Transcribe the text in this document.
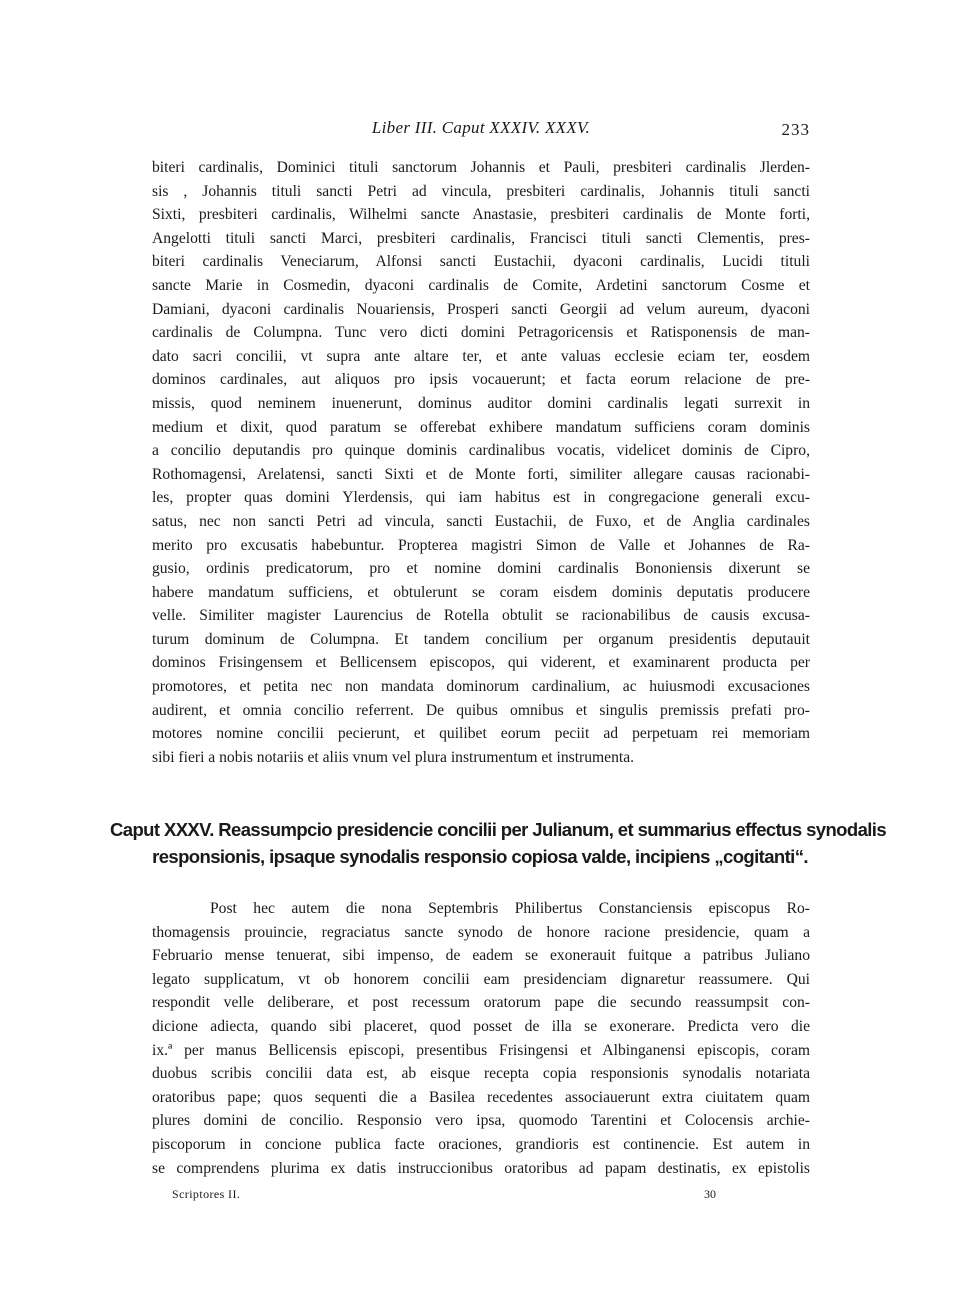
Liber III. Caput XXXIV. XXXV.	233
biteri cardinalis, Dominici tituli sanctorum Johannis et Pauli, presbiteri cardinalis Jlerden-
sis , Johannis tituli sancti Petri ad vincula, presbiteri cardinalis, Johannis tituli sancti
Sixti, presbiteri cardinalis, Wilhelmi sancte Anastasie, presbiteri cardinalis de Monte forti,
Angelotti tituli sancti Marci, presbiteri cardinalis, Francisci tituli sancti Clementis, pres-
biteri cardinalis Veneciarum, Alfonsi sancti Eustachii, dyaconi cardinalis, Lucidi tituli
sancte Marie in Cosmedin, dyaconi cardinalis de Comite, Ardetini sanctorum Cosme et
Damiani, dyaconi cardinalis Nouariensis, Prosperi sancti Georgii ad velum aureum, dyaconi
cardinalis de Columpna. Tunc vero dicti domini Petragoricensis et Ratisponensis de man-
dato sacri concilii, vt supra ante altare ter, et ante valuas ecclesie eciam ter, eosdem
dominos cardinales, aut aliquos pro ipsis vocauerunt; et facta eorum relacione de pre-
missis, quod neminem inuenerunt, dominus auditor domini cardinalis legati surrexit in
medium et dixit, quod paratum se offerebat exhibere mandatum sufficiens coram dominis
a concilio deputandis pro quinque dominis cardinalibus vocatis, videlicet dominis de Cipro,
Rothomagensi, Arelatensi, sancti Sixti et de Monte forti, similiter allegare causas racionabi-
les, propter quas domini Ylerdensis, qui iam habitus est in congregacione generali excu-
satus, nec non sancti Petri ad vincula, sancti Eustachii, de Fuxo, et de Anglia cardinales
merito pro excusatis habebuntur. Propterea magistri Simon de Valle et Johannes de Ra-
gusio, ordinis predicatorum, pro et nomine domini cardinalis Bononiensis dixerunt se
habere mandatum sufficiens, et obtulerunt se coram eisdem dominis deputatis producere
velle. Similiter magister Laurencius de Rotella obtulit se racionabilibus de causis excusa-
turum dominum de Columpna. Et tandem concilium per organum presidentis deputauit
dominos Frisingensem et Bellicensem episcopos, qui viderent, et examinarent producta per
promotores, et petita nec non mandata dominorum cardinalium, ac huiusmodi excusaciones
audirent, et omnia concilio referrent. De quibus omnibus et singulis premissis prefati pro-
motores nomine concilii pecierunt, et quilibet eorum peciit ad perpetuam rei memoriam
sibi fieri a nobis notariis et aliis vnum vel plura instrumentum et instrumenta.
Caput XXXV. Reassumpcio presidencie concilii per Julianum, et summarius effectus synodalis
responsionis, ipsaque synodalis responsio copiosa valde, incipiens „cogitanti“.
Post hec autem die nona Septembris Philibertus Constanciensis episcopus Ro-
thomagensis prouincie, regraciatus sancte synodo de honore racione presidencie, quam a
Februario mense tenuerat, sibi impenso, de eadem se exonerauit fuitque a patribus Juliano
legato supplicatum, vt ob honorem concilii eam presidenciam dignaretur reassumere. Qui
respondit velle deliberare, et post recessum oratorum pape die secundo reassumpsit con-
dicione adiecta, quando sibi placeret, quod posset de illa se exonerare. Predicta vero die
ix.ª per manus Bellicensis episcopi, presentibus Frisingensi et Albinganensi episcopis, coram
duobus scribis concilii data est, ab eisque recepta copia responsionis synodalis notariata
oratoribus pape; quos sequenti die a Basilea recedentes associauerunt extra ciuitatem quam
plures domini de concilio. Responsio vero ipsa, quomodo Tarentini et Colocensis archie-
piscoporum in concione publica facte oraciones, grandioris est continencie. Est autem in
se comprendens plurima ex datis instruccionibus oratoribus ad papam destinatis, ex epistolis
Scriptores II.	30
